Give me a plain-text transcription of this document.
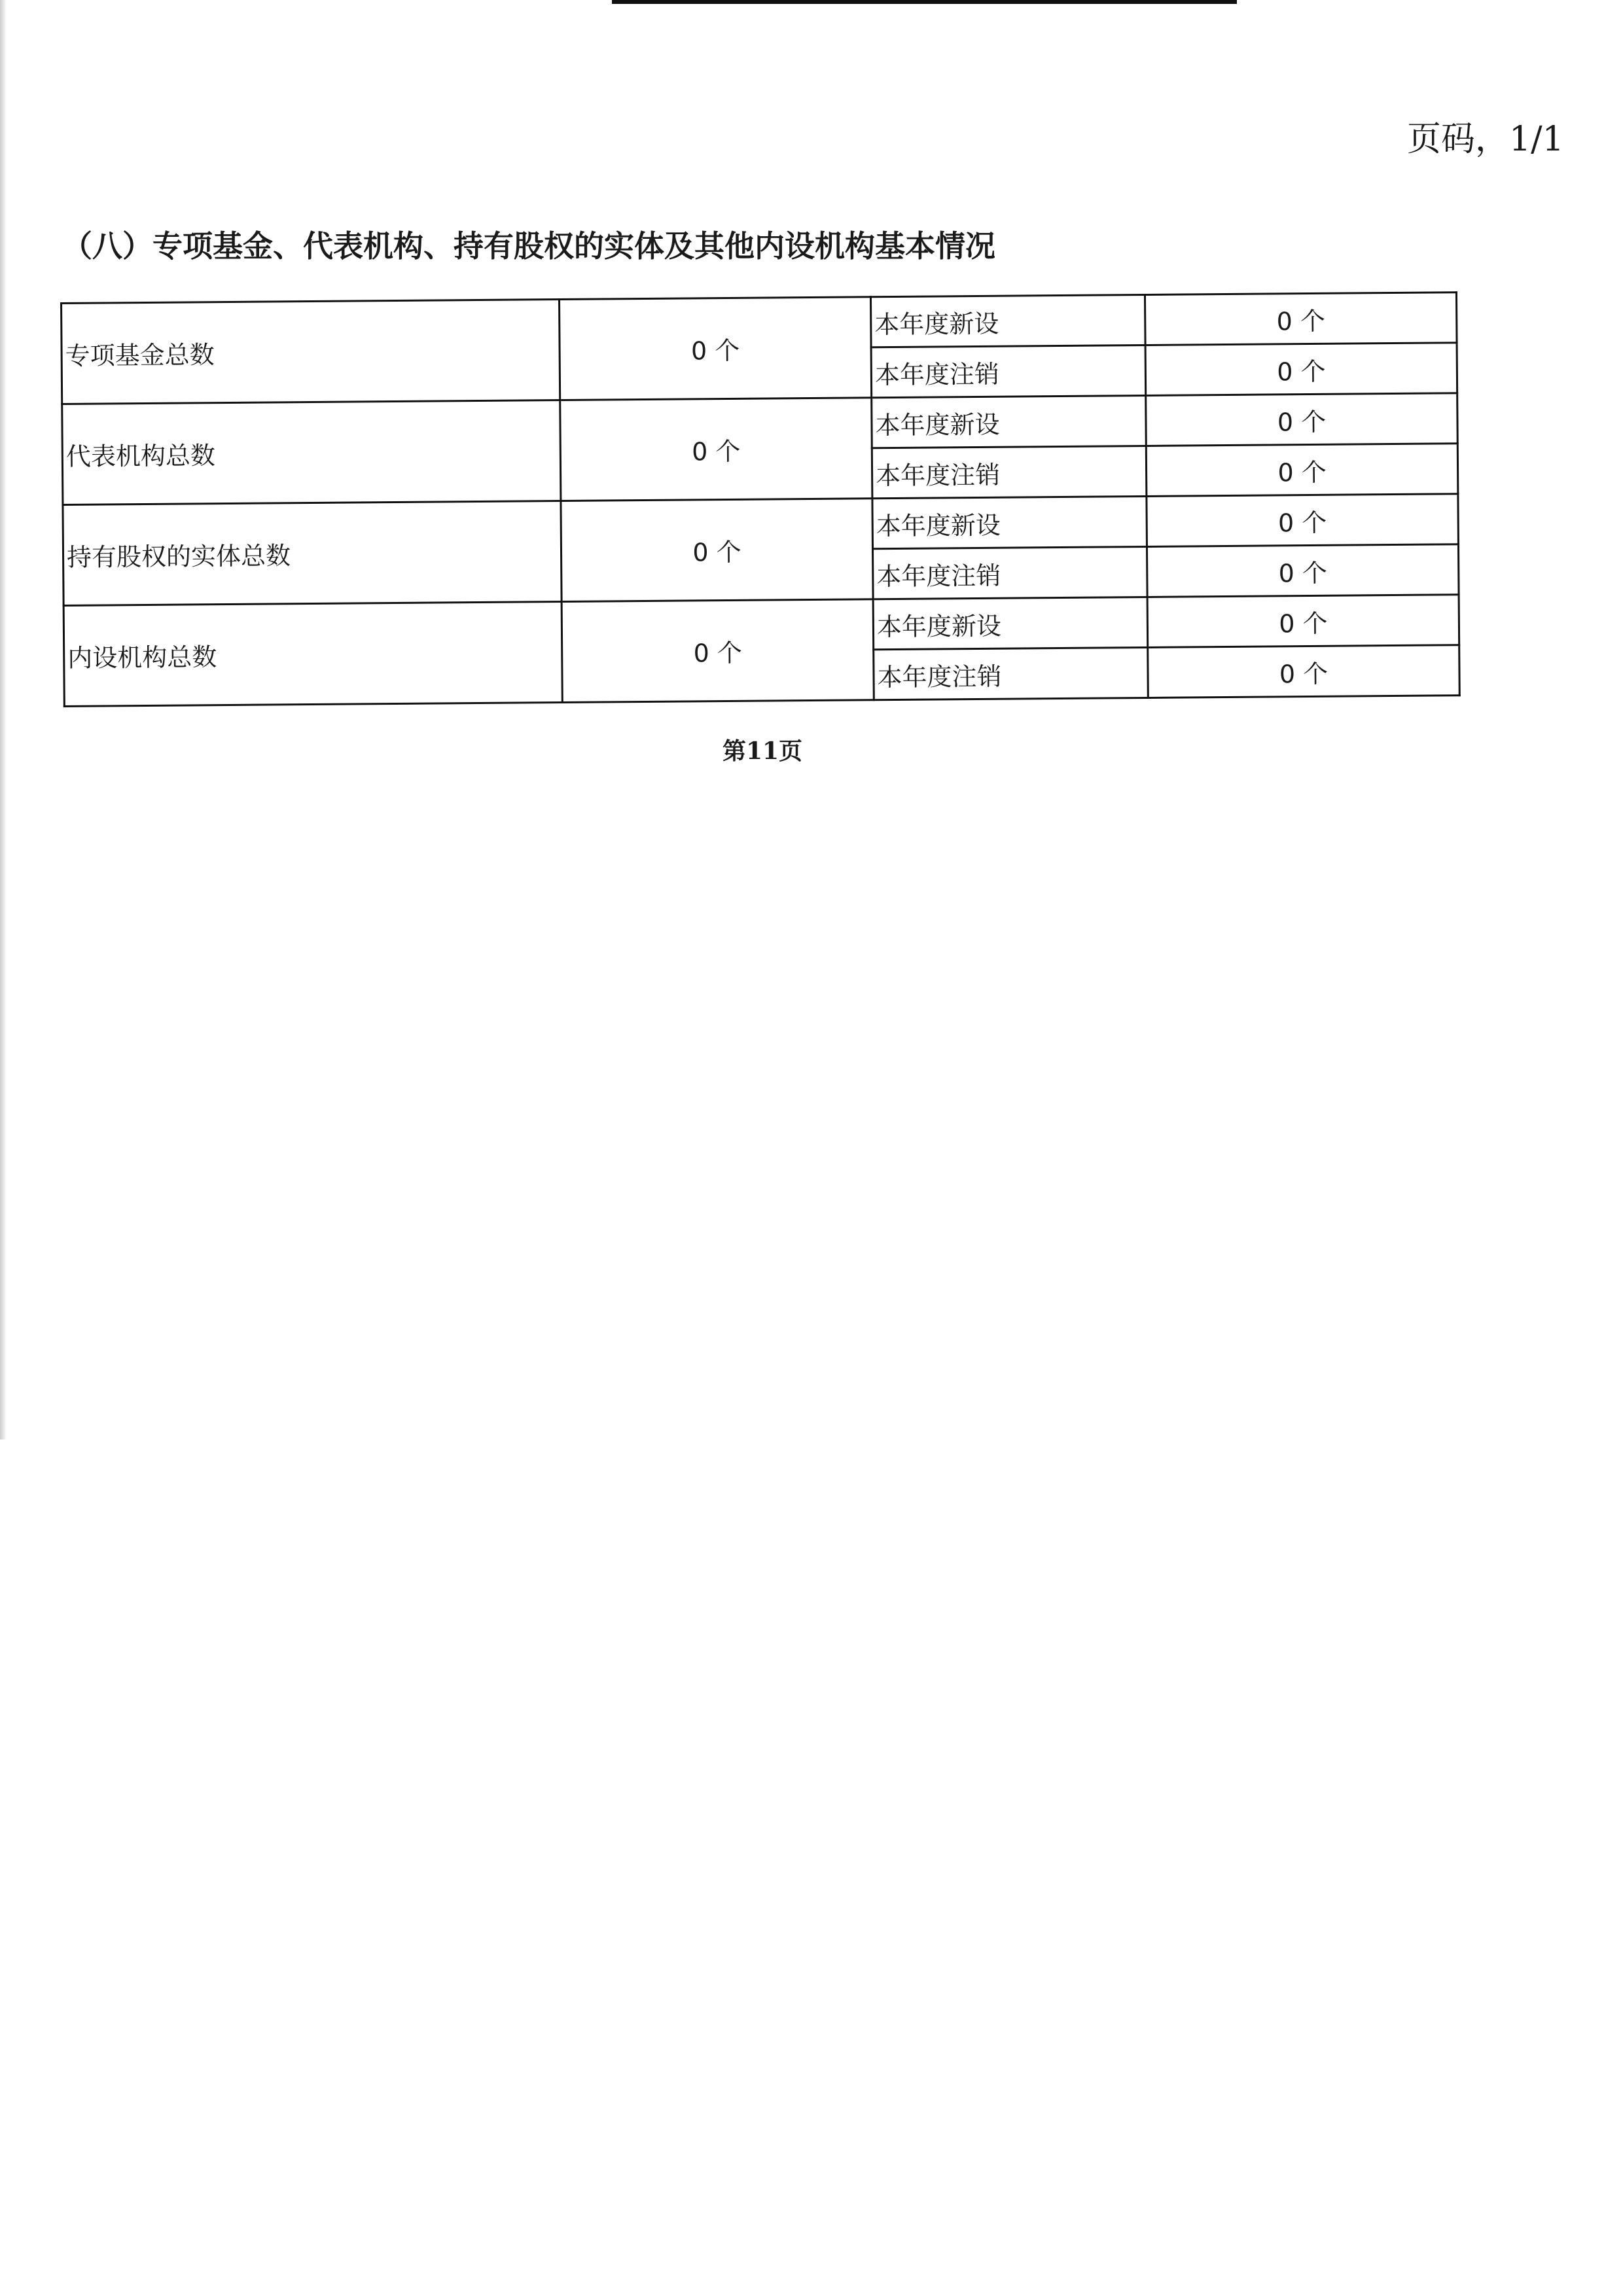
页码，1/1
（八）专项基金、代表机构、持有股权的实体及其他内设机构基本情况
专项基金总数	0 个	本年度新设	0 个
		本年度注销	0 个
代表机构总数	0 个	本年度新设	0 个
		本年度注销	0 个
持有股权的实体总数	0 个	本年度新设	0 个
		本年度注销	0 个
内设机构总数	0 个	本年度新设	0 个
		本年度注销	0 个
第11页
